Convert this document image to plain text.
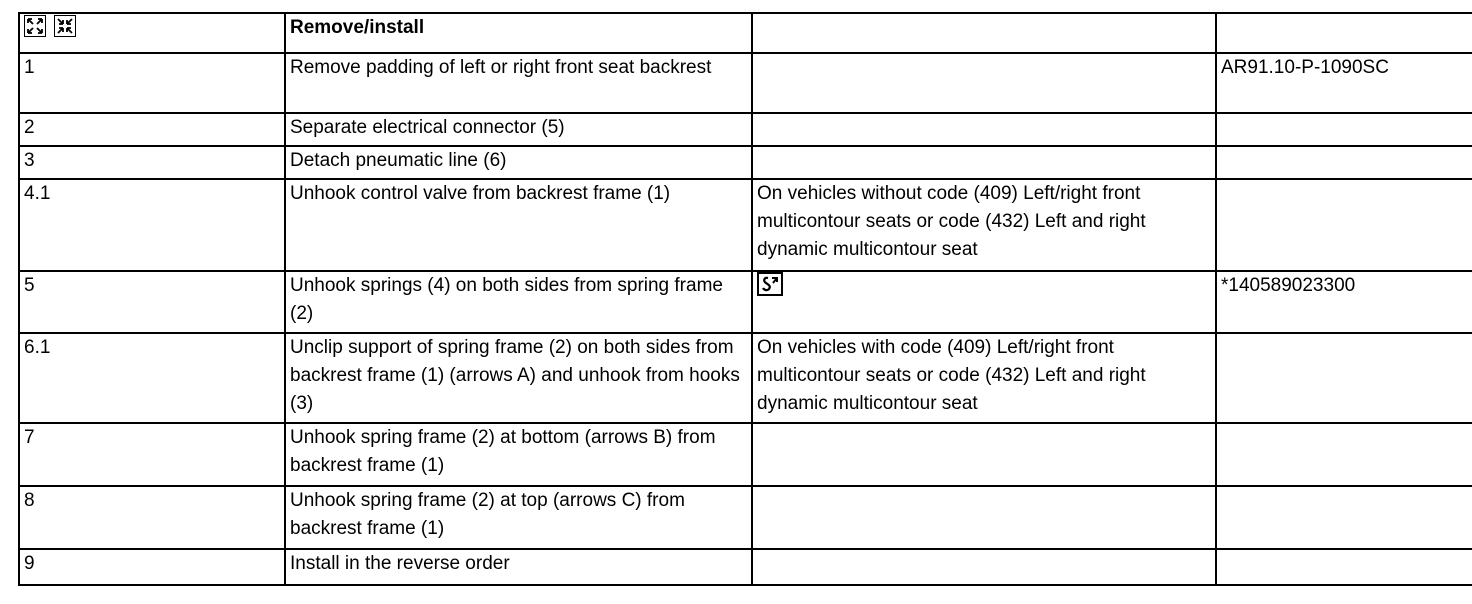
	Remove/install		
1	Remove padding of left or right front seat backrest		AR91.10-P-1090SC
2	Separate electrical connector (5)		
3	Detach pneumatic line (6)		
4.1	Unhook control valve from backrest frame (1)	On vehicles without code (409) Left/right front multicontour seats or code (432) Left and right dynamic multicontour seat	
5	Unhook springs (4) on both sides from spring frame (2)		*140589023300
6.1	Unclip support of spring frame (2) on both sides from backrest frame (1) (arrows A) and unhook from hooks (3)	On vehicles with code (409) Left/right front multicontour seats or code (432) Left and right dynamic multicontour seat	
7	Unhook spring frame (2) at bottom (arrows B) from backrest frame (1)		
8	Unhook spring frame (2) at top (arrows C) from backrest frame (1)		
9	Install in the reverse order		
